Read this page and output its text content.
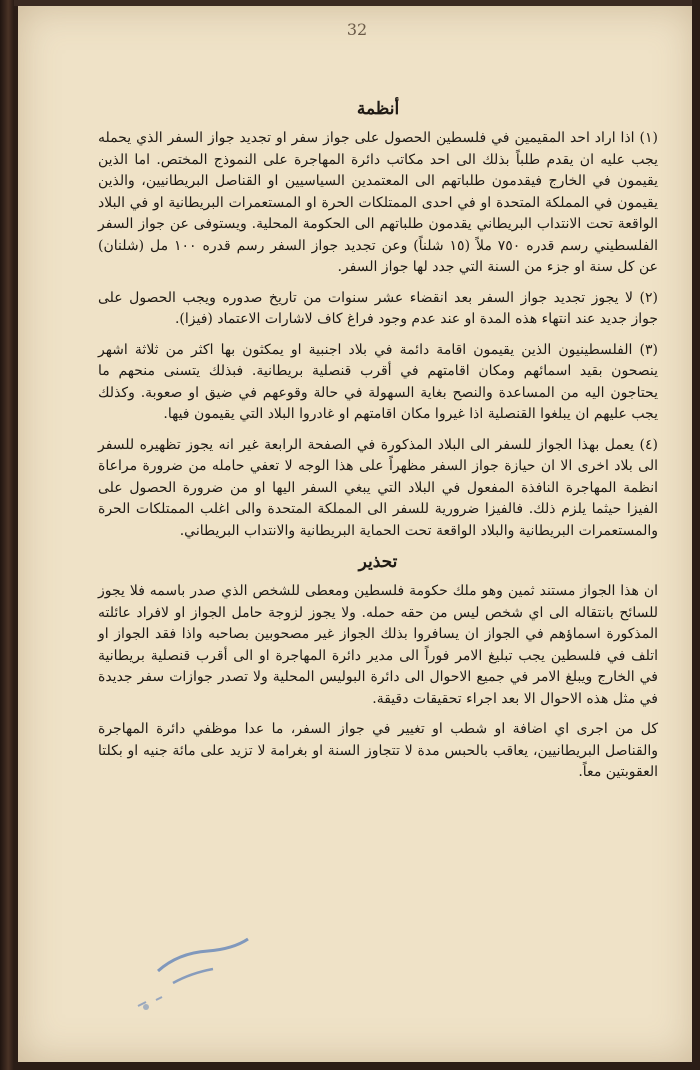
32
أنظمة

(١) اذا اراد احد المقيمين في فلسطين الحصول على جواز سفر او تجديد جواز السفر الذي يحمله يجب عليه ان يقدم طلباً بذلك الى احد مكاتب دائرة المهاجرة على النموذج المختص. اما الذين يقيمون في الخارج فيقدمون طلباتهم الى المعتمدين السياسيين او القناصل البريطانيين، والذين يقيمون في المملكة المتحدة او في احدى الممتلكات الحرة او المستعمرات البريطانية او في البلاد الواقعة تحت الانتداب البريطاني يقدمون طلباتهم الى الحكومة المحلية. ويستوفى عن جواز السفر الفلسطيني رسم قدره ٧٥٠ ملاً (١٥ شلناً) وعن تجديد جواز السفر رسم قدره ١٠٠ مل (شلنان) عن كل سنة او جزء من السنة التي جدد لها جواز السفر.

(٢) لا يجوز تجديد جواز السفر بعد انقضاء عشر سنوات من تاريخ صدوره ويجب الحصول على جواز جديد عند انتهاء هذه المدة او عند عدم وجود فراغ كاف لاشارات الاعتماد (فيزا).

(٣) الفلسطينيون الذين يقيمون اقامة دائمة في بلاد اجنبية او يمكثون بها اكثر من ثلاثة اشهر ينصحون بقيد اسمائهم ومكان اقامتهم في أقرب قنصلية بريطانية. فبذلك يتسنى منحهم ما يحتاجون اليه من المساعدة والنصح بغاية السهولة في حالة وقوعهم في ضيق او صعوبة. وكذلك يجب عليهم ان يبلغوا القنصلية اذا غيروا مكان اقامتهم او غادروا البلاد التي يقيمون فيها.

(٤) يعمل بهذا الجواز للسفر الى البلاد المذكورة في الصفحة الرابعة غير انه يجوز تظهيره للسفر الى بلاد اخرى الا ان حيازة جواز السفر مظهراً على هذا الوجه لا تعفي حامله من ضرورة مراعاة انظمة المهاجرة النافذة المفعول في البلاد التي يبغي السفر اليها او من ضرورة الحصول على الفيزا حيثما يلزم ذلك. فالفيزا ضرورية للسفر الى المملكة المتحدة والى اغلب الممتلكات الحرة والمستعمرات البريطانية والبلاد الواقعة تحت الحماية البريطانية والانتداب البريطاني.

تحذير

ان هذا الجواز مستند ثمين وهو ملك حكومة فلسطين ومعطى للشخص الذي صدر باسمه فلا يجوز للسائح بانتقاله الى اي شخص ليس من حقه حمله. ولا يجوز لزوجة حامل الجواز او لافراد عائلته المذكورة اسماؤهم في الجواز ان يسافروا بذلك الجواز غير مصحوبين بصاحبه واذا فقد الجواز او اتلف في فلسطين يجب تبليغ الامر فوراً الى مدير دائرة المهاجرة او الى أقرب قنصلية بريطانية في الخارج ويبلغ الامر في جميع الاحوال الى دائرة البوليس المحلية ولا تصدر جوازات سفر جديدة في مثل هذه الاحوال الا بعد اجراء تحقيقات دقيقة.

كل من اجرى اي اضافة او شطب او تغيير في جواز السفر، ما عدا موظفي دائرة المهاجرة والقناصل البريطانيين، يعاقب بالحبس مدة لا تتجاوز السنة او بغرامة لا تزيد على مائة جنيه او بكلتا العقوبتين معاً.
